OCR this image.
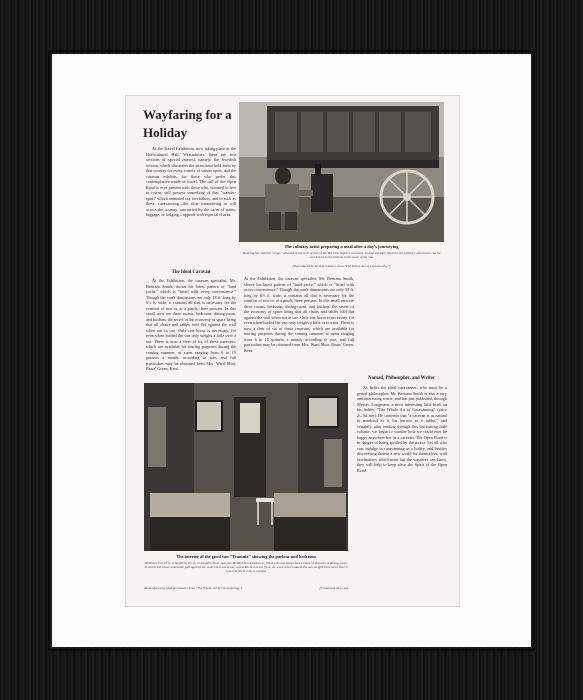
Wayfaring for a Holiday

At the Travel Exhibition, now taking place at the Horticultural Hall, Westminster, there are two sections of special interest, namely, the Swedish section, which illustrates the attractions held forth by that country for every variety of winter sport; and the caravan exhibits, for those who prefer this contemplative mode of travel. The call of the Open Road is ever present with those who, doomed to live in towns, still possess something of that "wander-spirit" which animated our forefathers, and to such as these, caravanning—the slow meandering at will across the country, unworried by the cares of trains, luggage, or lodging—appeals with especial charm.

The culinary artist preparing a meal after a day's journeying

Showing the "kitchen range," situated at the rear of one of Mr. Bertram Smith's caravans. In bad weather, however, all culinary operations can be carried on in the kitchen in the body of the van

(Reproduced by kind permission from "The Whole Art of Caravanning")

The Ideal Caravan

At the Exhibition, the caravan specialist, Mr. Bertram Smith, shows his latest pattern of "land yacht," which is "fitted with every convenience." Though the van's dimensions are only 18 ft. long by 6½ ft. wide, it contains all that is necessary for the comfort of two or, at a pinch, three persons. In this small area are three rooms, bedroom, dining-room, and kitchen, the secret of the economy of space being that all chairs and tables fold flat against the wall when not in use. Only one horse is necessary, for even when loaded the van only weighs a little over a ton. There is now a fleet of six of these caravans, which are available for touring purposes during the coming summer, at sums ranging from 6 to 15 guineas a month, according to size, and full particulars may be obtained from Mrs. Ward Muir, Bears' Green, Kent.

At the Exhibition, the caravan specialist, Mr. Bertram Smith, shows his latest pattern of "land yacht," which is "fitted with every convenience." Though the van's dimensions are only 18 ft. long by 6½ ft. wide, it contains all that is necessary for the comfort of two or, at a pinch, three persons. In this small area are three rooms, bedroom, dining-room, and kitchen, the secret of the economy of space being that all chairs and tables fold flat against the wall when not in use. Only one horse is necessary, for even when loaded the van only weighs a little over a ton. There is now a fleet of six of these caravans, which are available for touring purposes during the coming summer, at sums ranging from 6 to 15 guineas a month, according to size, and full particulars may be obtained from Mrs. Ward Muir, Bears' Green, Kent.

The interior of the good van "Tramnia" showing the parlour and bedroom

Midships free 18 ft. in length by 6½ ft. in breadth, these vans are divided into a bedroom, fitted with two bunks and a chest of drawers, a dining-room, in which the chairs and table fold against the wall when not in use, and a kitchen in the front. As, even when loaded, the van weighs little more than a ton, one horse only is needed

(Reproduced by kind permission from "The Whole Art of Caravanning")	[Continued on p. xxx

Nomad, Philosopher, and Writer

As befits the ideal caravanner, who must be a genial philosopher, Mr. Bertram Smith is also a racy and interesting writer, and has just published, through Messrs. Longmans, a most interesting little book on his hobby, "The Whole Art of Caravanning" (price 2s. 6d. net). He contends that "a caravan is as natural to mankind as is his burrow to a rabbit," and certainly, after reading through this fascinating little volume, we begin to wonder how we could ever be happy anywhere but in a caravan. The Open Road is in danger of being spoiled by the motor. Let all who can, indulge in caravanning as a hobby, and besides discovering therein a new world for themselves, with fascinations which none but the wayfarer can know, they will help to keep alive the Spirit of the Open Road.
